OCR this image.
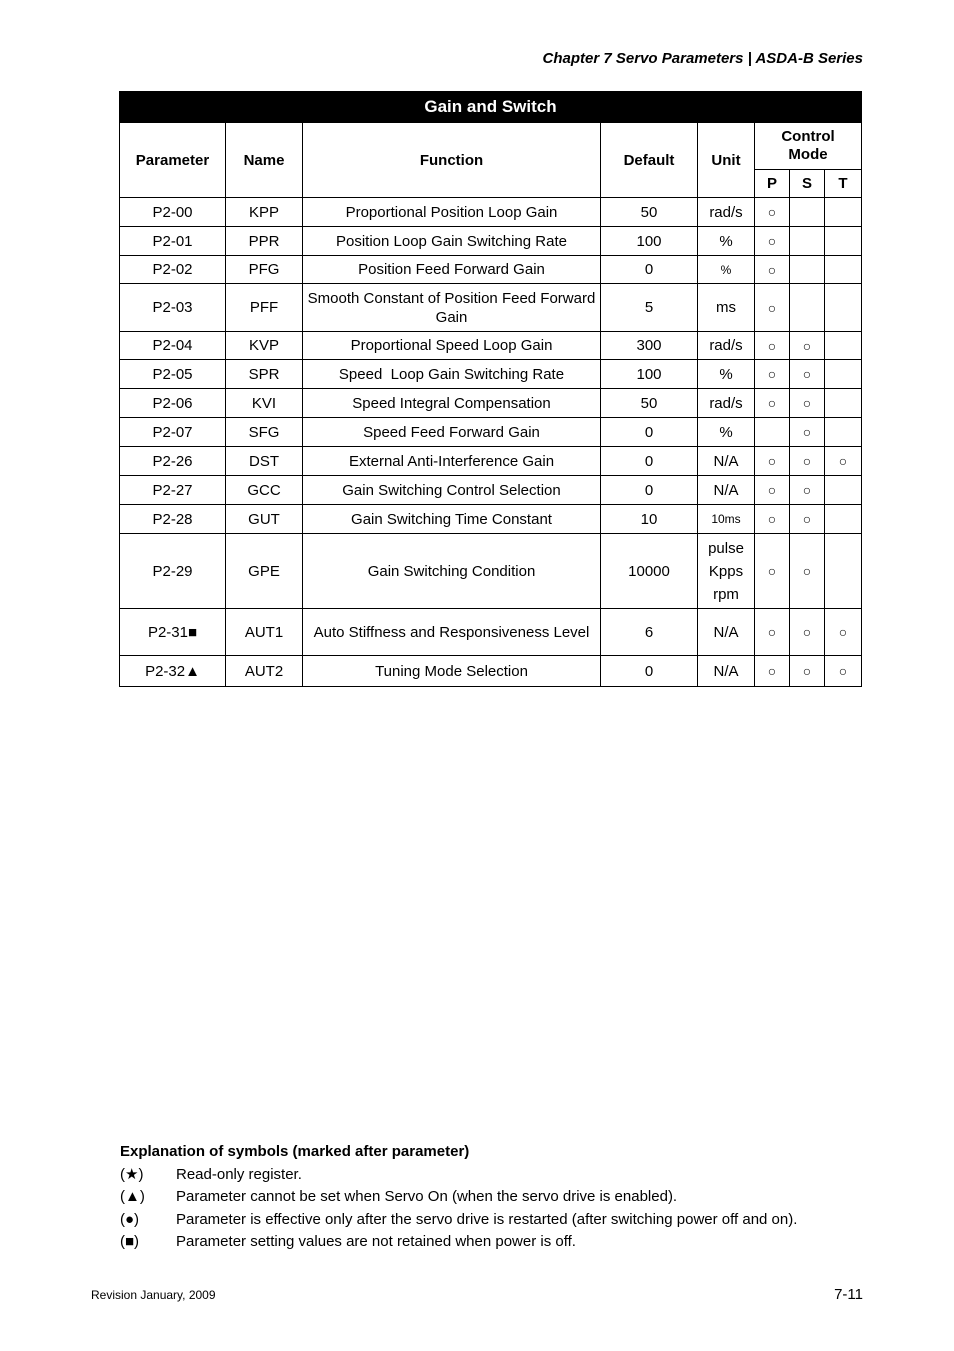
Chapter 7 Servo Parameters | ASDA-B Series
Gain and Switch							
Parameter	Name	Function	Default	Unit	Control Mode		
					P	S	T
P2-00	KPP	Proportional Position Loop Gain	50	rad/s	○		
P2-01	PPR	Position Loop Gain Switching Rate	100	%	○		
P2-02	PFG	Position Feed Forward Gain	0	%	○		
P2-03	PFF	Smooth Constant of Position Feed Forward Gain	5	ms	○		
P2-04	KVP	Proportional Speed Loop Gain	300	rad/s	○	○	
P2-05	SPR	Speed  Loop Gain Switching Rate	100	%	○	○	
P2-06	KVI	Speed Integral Compensation	50	rad/s	○	○	
P2-07	SFG	Speed Feed Forward Gain	0	%		○	
P2-26	DST	External Anti-Interference Gain	0	N/A	○	○	○
P2-27	GCC	Gain Switching Control Selection	0	N/A	○	○	
P2-28	GUT	Gain Switching Time Constant	10	10ms	○	○	
P2-29	GPE	Gain Switching Condition	10000	pulse Kpps rpm	○	○	
P2-31■	AUT1	Auto Stiffness and Responsiveness Level	6	N/A	○	○	○
P2-32▲	AUT2	Tuning Mode Selection	0	N/A	○	○	○
Explanation of symbols (marked after parameter)
(★)	Read-only register.
(▲)	Parameter cannot be set when Servo On (when the servo drive is enabled).
(●)	Parameter is effective only after the servo drive is restarted (after switching power off and on).
(■)	Parameter setting values are not retained when power is off.
Revision January, 2009	7-11
